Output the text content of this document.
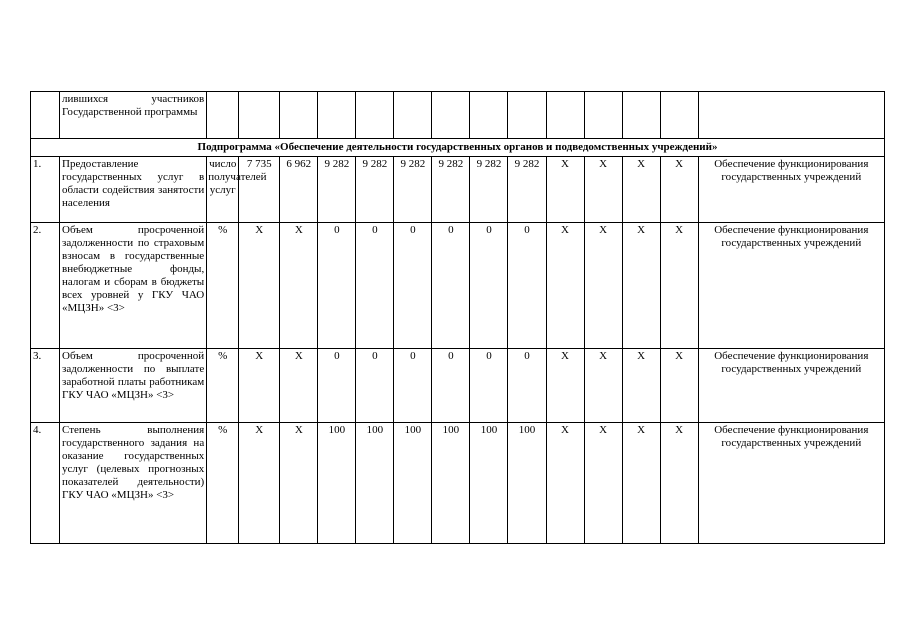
	лившихся участников Государственной программы														
Подпрограмма «Обеспечение деятельности государственных органов и подведомственных учреждений»															
1.	Предоставление государственных услуг в области содействия занятости населения	число получателей услуг	7 735	6 962	9 282	9 282	9 282	9 282	9 282	9 282	X	X	X	X	Обеспечение функционирования государственных учреждений
2.	Объем просроченной задолженности по страховым взносам в государственные внебюджетные фонды, налогам и сборам в бюджеты всех уровней у ГКУ ЧАО «МЦЗН» <3>	%	X	X	0	0	0	0	0	0	X	X	X	X	Обеспечение функционирования государственных учреждений
3.	Объем просроченной задолженности по выплате заработной платы работникам ГКУ ЧАО «МЦЗН» <3>	%	X	X	0	0	0	0	0	0	X	X	X	X	Обеспечение функционирования государственных учреждений
4.	Степень выполнения государственного задания на оказание государственных услуг (целевых прогнозных показателей деятельности) ГКУ ЧАО «МЦЗН» <3>	%	X	X	100	100	100	100	100	100	X	X	X	X	Обеспечение функционирования государственных учреждений
